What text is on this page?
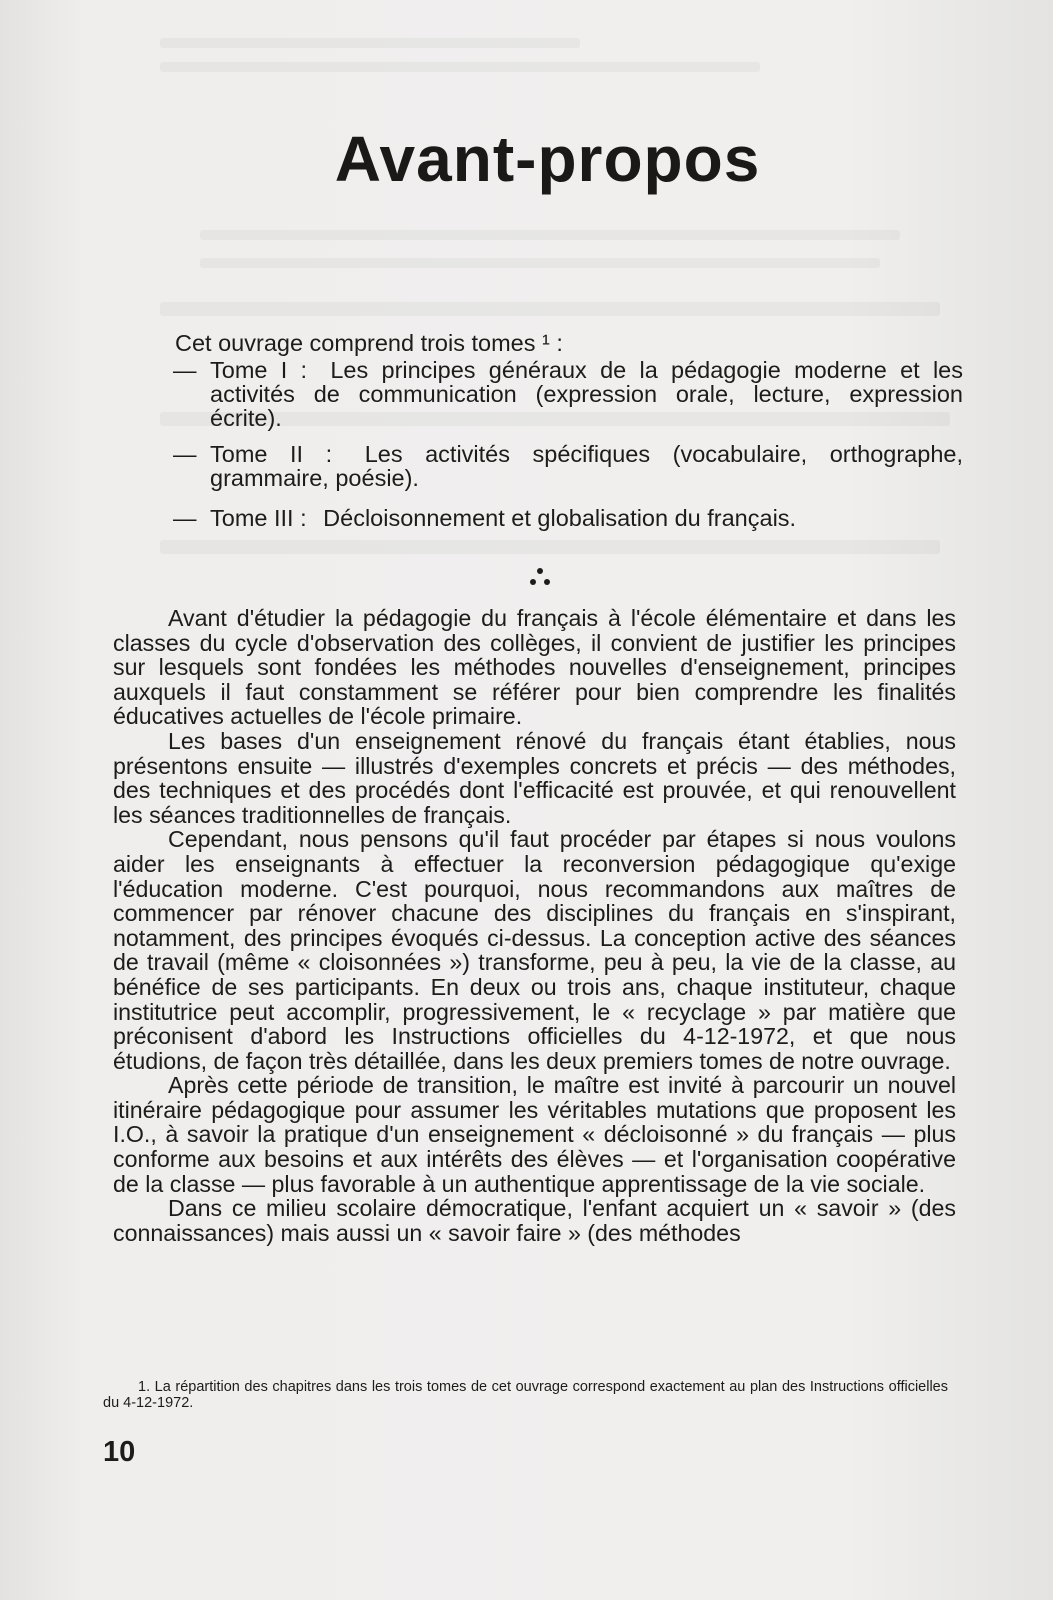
Avant-propos
Cet ouvrage comprend trois tomes ¹ :
— Tome I : Les principes généraux de la pédagogie moderne et les activités de communication (expression orale, lecture, expression écrite).
— Tome II : Les activités spécifiques (vocabulaire, orthographe, grammaire, poésie).
— Tome III : Décloisonnement et globalisation du français.

Avant d'étudier la pédagogie du français à l'école élémentaire et dans les classes du cycle d'observation des collèges, il convient de justifier les principes sur lesquels sont fondées les méthodes nouvelles d'enseignement, principes auxquels il faut constamment se référer pour bien comprendre les finalités éducatives actuelles de l'école primaire.

Les bases d'un enseignement rénové du français étant établies, nous présentons ensuite — illustrés d'exemples concrets et précis — des méthodes, des techniques et des procédés dont l'efficacité est prouvée, et qui renouvellent les séances traditionnelles de français.

Cependant, nous pensons qu'il faut procéder par étapes si nous voulons aider les enseignants à effectuer la reconversion pédagogique qu'exige l'éducation moderne. C'est pourquoi, nous recommandons aux maîtres de commencer par rénover chacune des disciplines du français en s'inspirant, notamment, des principes évoqués ci-dessus. La conception active des séances de travail (même « cloisonnées ») transforme, peu à peu, la vie de la classe, au bénéfice de ses participants. En deux ou trois ans, chaque instituteur, chaque institutrice peut accomplir, progressivement, le « recyclage » par matière que préconisent d'abord les Instructions officielles du 4-12-1972, et que nous étudions, de façon très détaillée, dans les deux premiers tomes de notre ouvrage.

Après cette période de transition, le maître est invité à parcourir un nouvel itinéraire pédagogique pour assumer les véritables mutations que proposent les I.O., à savoir la pratique d'un enseignement « décloisonné » du français — plus conforme aux besoins et aux intérêts des élèves — et l'organisation coopérative de la classe — plus favorable à un authentique apprentissage de la vie sociale.

Dans ce milieu scolaire démocratique, l'enfant acquiert un « savoir » (des connaissances) mais aussi un « savoir faire » (des méthodes

1. La répartition des chapitres dans les trois tomes de cet ouvrage correspond exactement au plan des Instructions officielles du 4-12-1972.

10
